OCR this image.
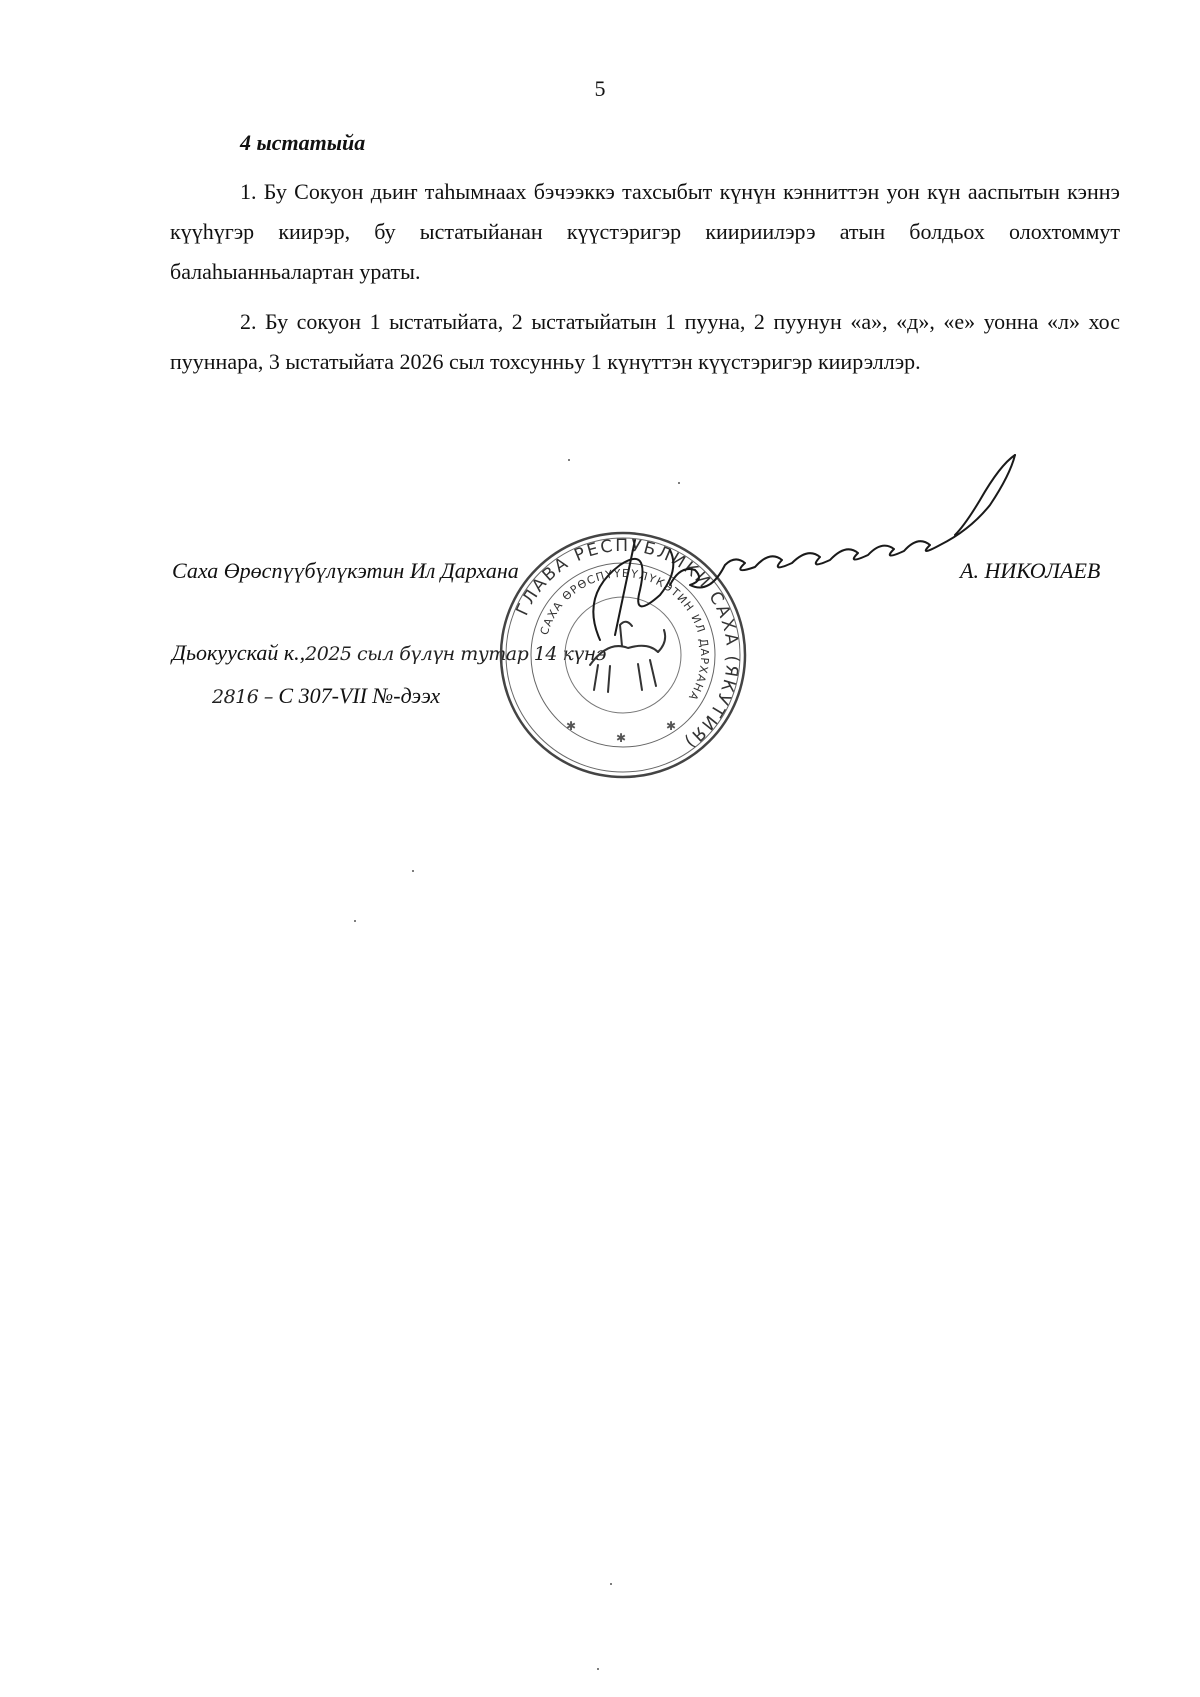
5
4 ыстатыйа

1. Бу Сокуон дьиҥ таһымнаах бэчээккэ тахсыбыт күнүн кэнниттэн уон күн ааспытын кэннэ күүһүгэр киирэр, бу ыстатыйанан күүстэригэр киириилэрэ атын болдьох олохтоммут балаһыанньалартан ураты.

2. Бу сокуон 1 ыстатыйата, 2 ыстатыйатын 1 пууна, 2 пуунун «а», «д», «е» уонна «л» хос пууннара, 3 ыстатыйата 2026 сыл тохсунньу 1 күнүттэн күүстэригэр киирэллэр.

Саха Өрөспүүбүлүкэтин Ил Дархана	А. НИКОЛАЕВ
Дьокуускай к.,2025 сыл бүлүн тутар 14 күнэ
2816 – С 307-VII №-дээх
ГЛАВА РЕСПУБЛИКИ САХА (ЯКУТИЯ)
САХА ӨРӨСПҮҮБҮЛҮКЭТИН ИЛ ДАРХАНА
✱
✱
✱
